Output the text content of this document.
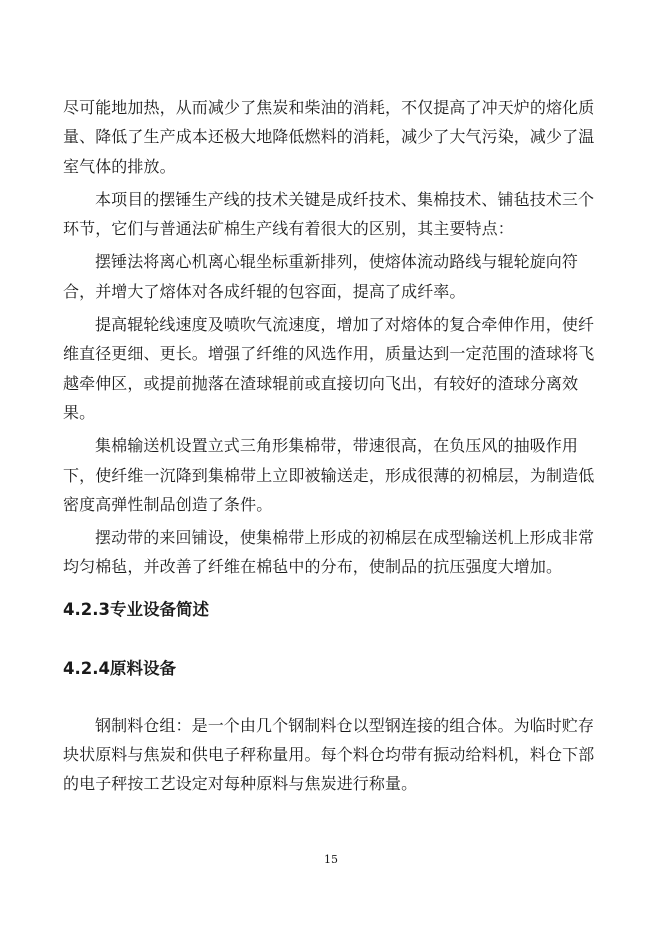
尽可能地加热，从而减少了焦炭和柴油的消耗，不仅提高了冲天炉的熔化质量、降低了生产成本还极大地降低燃料的消耗，减少了大气污染，减少了温室气体的排放。

本项目的摆锤生产线的技术关键是成纤技术、集棉技术、铺毡技术三个环节，它们与普通法矿棉生产线有着很大的区别，其主要特点：

摆锤法将离心机离心辊坐标重新排列，使熔体流动路线与辊轮旋向符合，并增大了熔体对各成纤辊的包容面，提高了成纤率。

提高辊轮线速度及喷吹气流速度，增加了对熔体的复合牵伸作用，使纤维直径更细、更长。增强了纤维的风选作用，质量达到一定范围的渣球将飞越牵伸区，或提前抛落在渣球辊前或直接切向飞出，有较好的渣球分离效果。

集棉输送机设置立式三角形集棉带，带速很高，在负压风的抽吸作用下，使纤维一沉降到集棉带上立即被输送走，形成很薄的初棉层，为制造低密度高弹性制品创造了条件。

摆动带的来回铺设，使集棉带上形成的初棉层在成型输送机上形成非常均匀棉毡，并改善了纤维在棉毡中的分布，使制品的抗压强度大增加。

4.2.3专业设备简述
4.2.4原料设备

钢制料仓组：是一个由几个钢制料仓以型钢连接的组合体。为临时贮存块状原料与焦炭和供电子秤称量用。每个料仓均带有振动给料机，料仓下部的电子秤按工艺设定对每种原料与焦炭进行称量。

15
